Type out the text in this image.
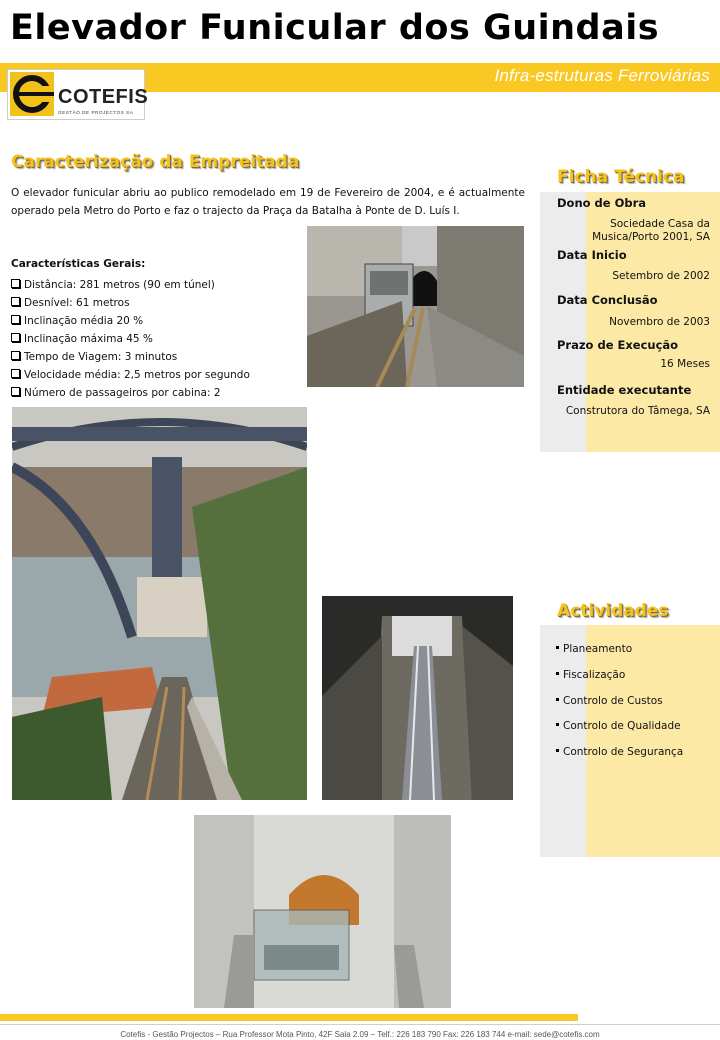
Elevador Funicular dos Guindais
Infra-estruturas Ferroviárias
COTEFIS
GESTÃO DE PROJECTOS SA
Caracterização da Empreitada
O elevador funicular abriu ao publico remodelado em 19 de Fevereiro de 2004, e é actualmente operado pela Metro do Porto e faz o trajecto da Praça da Batalha à Ponte de D. Luís I.
Características Gerais:
Distância: 281 metros (90 em túnel)
Desnível: 61 metros
Inclinação média 20 %
Inclinação máxima 45 %
Tempo de Viagem: 3 minutos
Velocidade média: 2,5 metros por segundo
Número de passageiros por cabina: 2
Ficha Técnica
Dono de Obra
Sociedade Casa da Musica/Porto 2001, SA
Data Inicio
Setembro de 2002
Data Conclusão
Novembro de 2003
Prazo de Execução
16 Meses
Entidade executante
Construtora do Tâmega, SA
Actividades
Planeamento
Fiscalização
Controlo de Custos
Controlo de Qualidade
Controlo de Segurança
Cotefis - Gestão Projectos – Rua Professor Mota Pinto, 42F Sala 2.09 – Telf.: 226 183 790 Fax: 226 183 744 e-mail: sede@cotefis.com
